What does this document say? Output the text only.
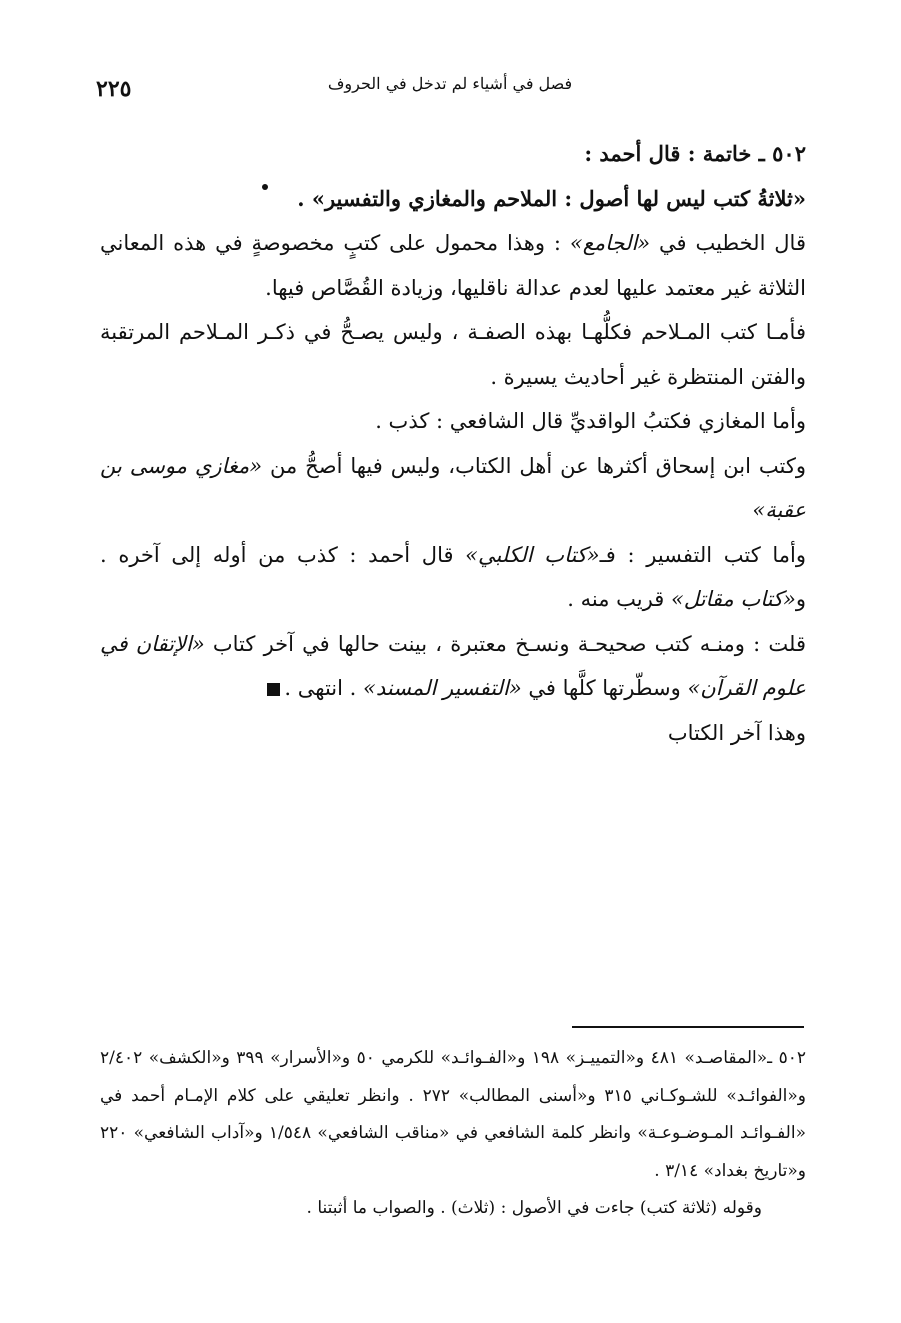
٢٢٥	فصل في أشياء لم تدخل في الحروف

٥٠٢ ـ خاتمة : قال أحمد :

«ثلاثةُ كتب ليس لها أصول : الملاحم والمغازي والتفسير» .

قال الخطيب في «الجامع» : وهذا محمول على كتبٍ مخصوصةٍ في هذه المعاني الثلاثة غير معتمد عليها لعدم عدالة ناقليها، وزيادة القُصَّاص فيها.

فأمـا كتب المـلاحم فكلُّهـا بهذه الصفـة ، وليس يصـحُّ في ذكـر المـلاحم المرتقبة والفتن المنتظرة غير أحاديث يسيرة .

وأما المغازي فكتبُ الواقديِّ قال الشافعي : كذب .

وكتب ابن إسحاق أكثرها عن أهل الكتاب، وليس فيها أصحُّ من «مغازي موسى بن عقبة»

وأما كتب التفسير : فـ«كتاب الكلبي» قال أحمد : كذب من أوله إلى آخره . و«كتاب مقاتل» قريب منه .

قلت : ومنـه كتب صحيحـة ونسـخ معتبرة ، بينت حالها في آخر كتاب «الإتقان في علوم القرآن» وسطّرتها كلَّها في «التفسير المسند» . انتهى .

وهذا آخر الكتاب

٥٠٢ ـ«المقاصـد» ٤٨١ و«التمييـز» ١٩٨ و«الفـوائـد» للكرمي ٥٠ و«الأسرار» ٣٩٩ و«الكشف» ٢/٤٠٢ و«الفوائـد» للشـوكـاني ٣١٥ و«أسنى المطالب» ٢٧٢ . وانظر تعليقي على كلام الإمـام أحمد في «الفـوائـد المـوضـوعـة» وانظر كلمة الشافعي في «مناقب الشافعي» ١/٥٤٨ و«آداب الشافعي» ٢٢٠ و«تاريخ بغداد» ٣/١٤ .

وقوله (ثلاثة كتب) جاءت في الأصول : (ثلاث) . والصواب ما أثبتنا .
